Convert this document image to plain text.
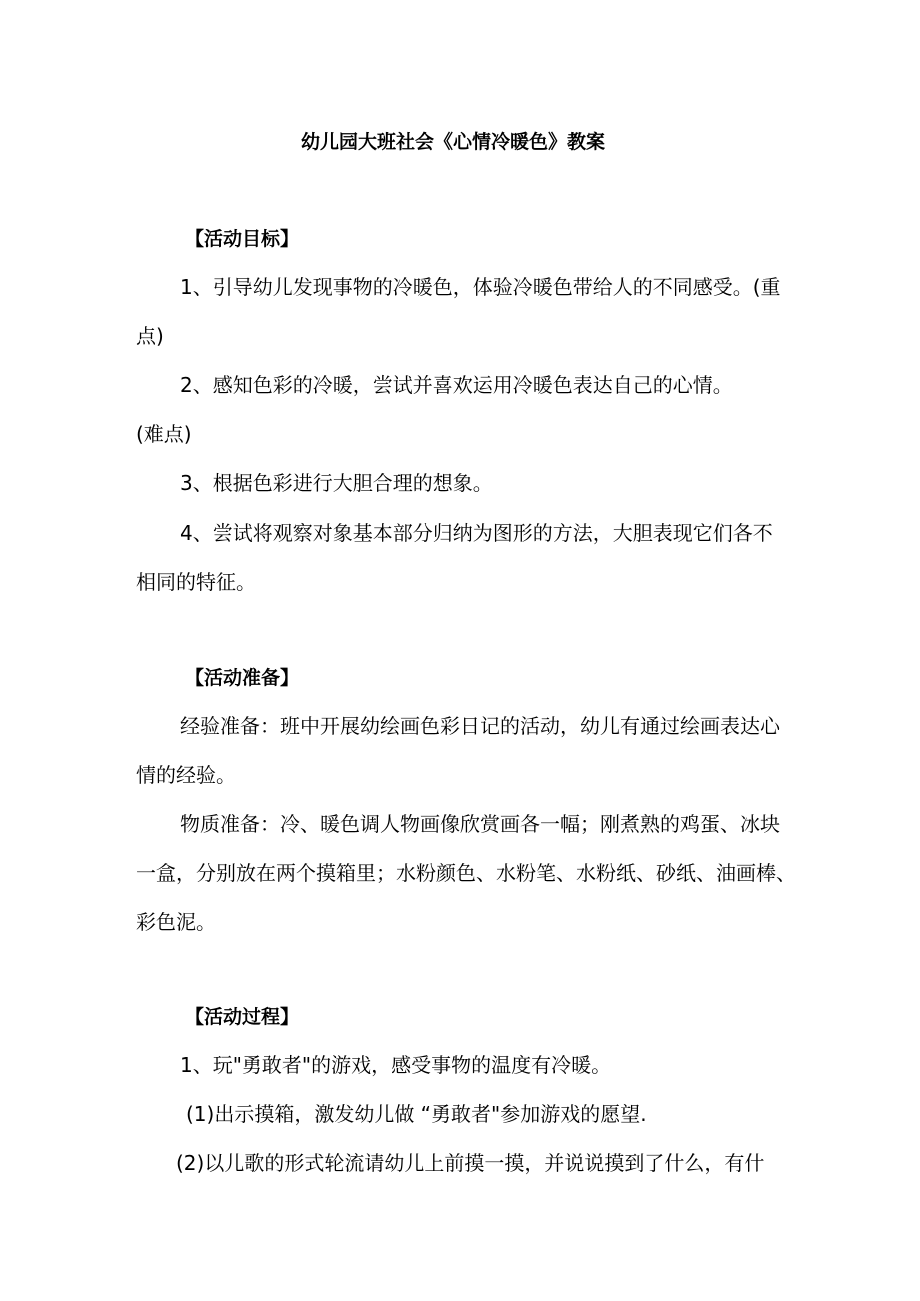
幼儿园大班社会《心情冷暖色》教案
【活动目标】
1、引导幼儿发现事物的冷暖色，体验冷暖色带给人的不同感受。(重
点)
2、感知色彩的冷暖，尝试并喜欢运用冷暖色表达自己的心情。
(难点)
3、根据色彩进行大胆合理的想象。
4、尝试将观察对象基本部分归纳为图形的方法，大胆表现它们各不
相同的特征。
【活动准备】
经验准备：班中开展幼绘画色彩日记的活动，幼儿有通过绘画表达心
情的经验。
物质准备：冷、暖色调人物画像欣赏画各一幅；刚煮熟的鸡蛋、冰块
一盒，分别放在两个摸箱里；水粉颜色、水粉笔、水粉纸、砂纸、油画棒、
彩色泥。
【活动过程】
1、玩"勇敢者"的游戏，感受事物的温度有冷暖。
(1)出示摸箱，激发幼儿做 “勇敢者"参加游戏的愿望.
(2)以儿歌的形式轮流请幼儿上前摸一摸，并说说摸到了什么，有什
